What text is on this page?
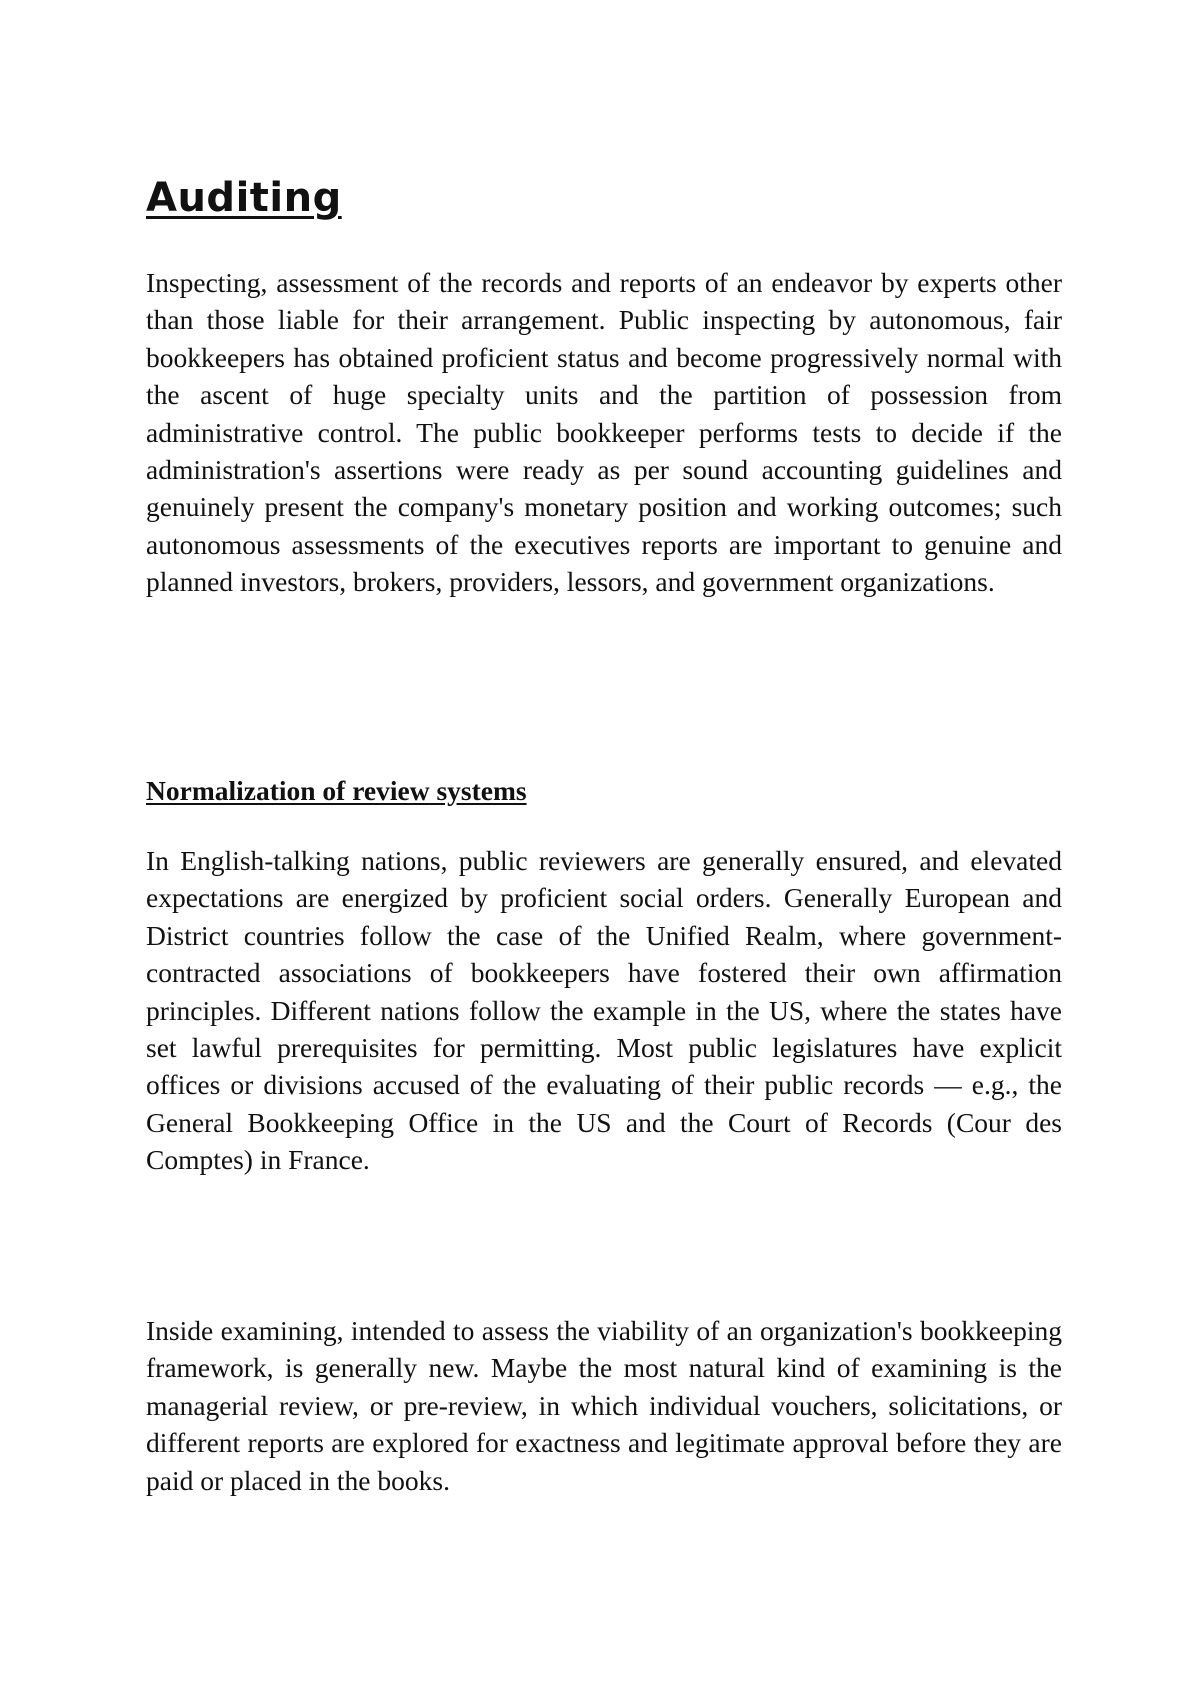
Auditing

Inspecting, assessment of the records and reports of an endeavor by experts other than those liable for their arrangement. Public inspecting by autonomous, fair bookkeepers has obtained proficient status and become progressively normal with the ascent of huge specialty units and the partition of possession from administrative control. The public bookkeeper performs tests to decide if the administration's assertions were ready as per sound accounting guidelines and genuinely present the company's monetary position and working outcomes; such autonomous assessments of the executives reports are important to genuine and planned investors, brokers, providers, lessors, and government organizations.

Normalization of review systems

In English-talking nations, public reviewers are generally ensured, and elevated expectations are energized by proficient social orders. Generally European and District countries follow the case of the Unified Realm, where government-contracted associations of bookkeepers have fostered their own affirmation principles. Different nations follow the example in the US, where the states have set lawful prerequisites for permitting. Most public legislatures have explicit offices or divisions accused of the evaluating of their public records — e.g., the General Bookkeeping Office in the US and the Court of Records (Cour des Comptes) in France.

Inside examining, intended to assess the viability of an organization's bookkeeping framework, is generally new. Maybe the most natural kind of examining is the managerial review, or pre-review, in which individual vouchers, solicitations, or different reports are explored for exactness and legitimate approval before they are paid or placed in the books.
